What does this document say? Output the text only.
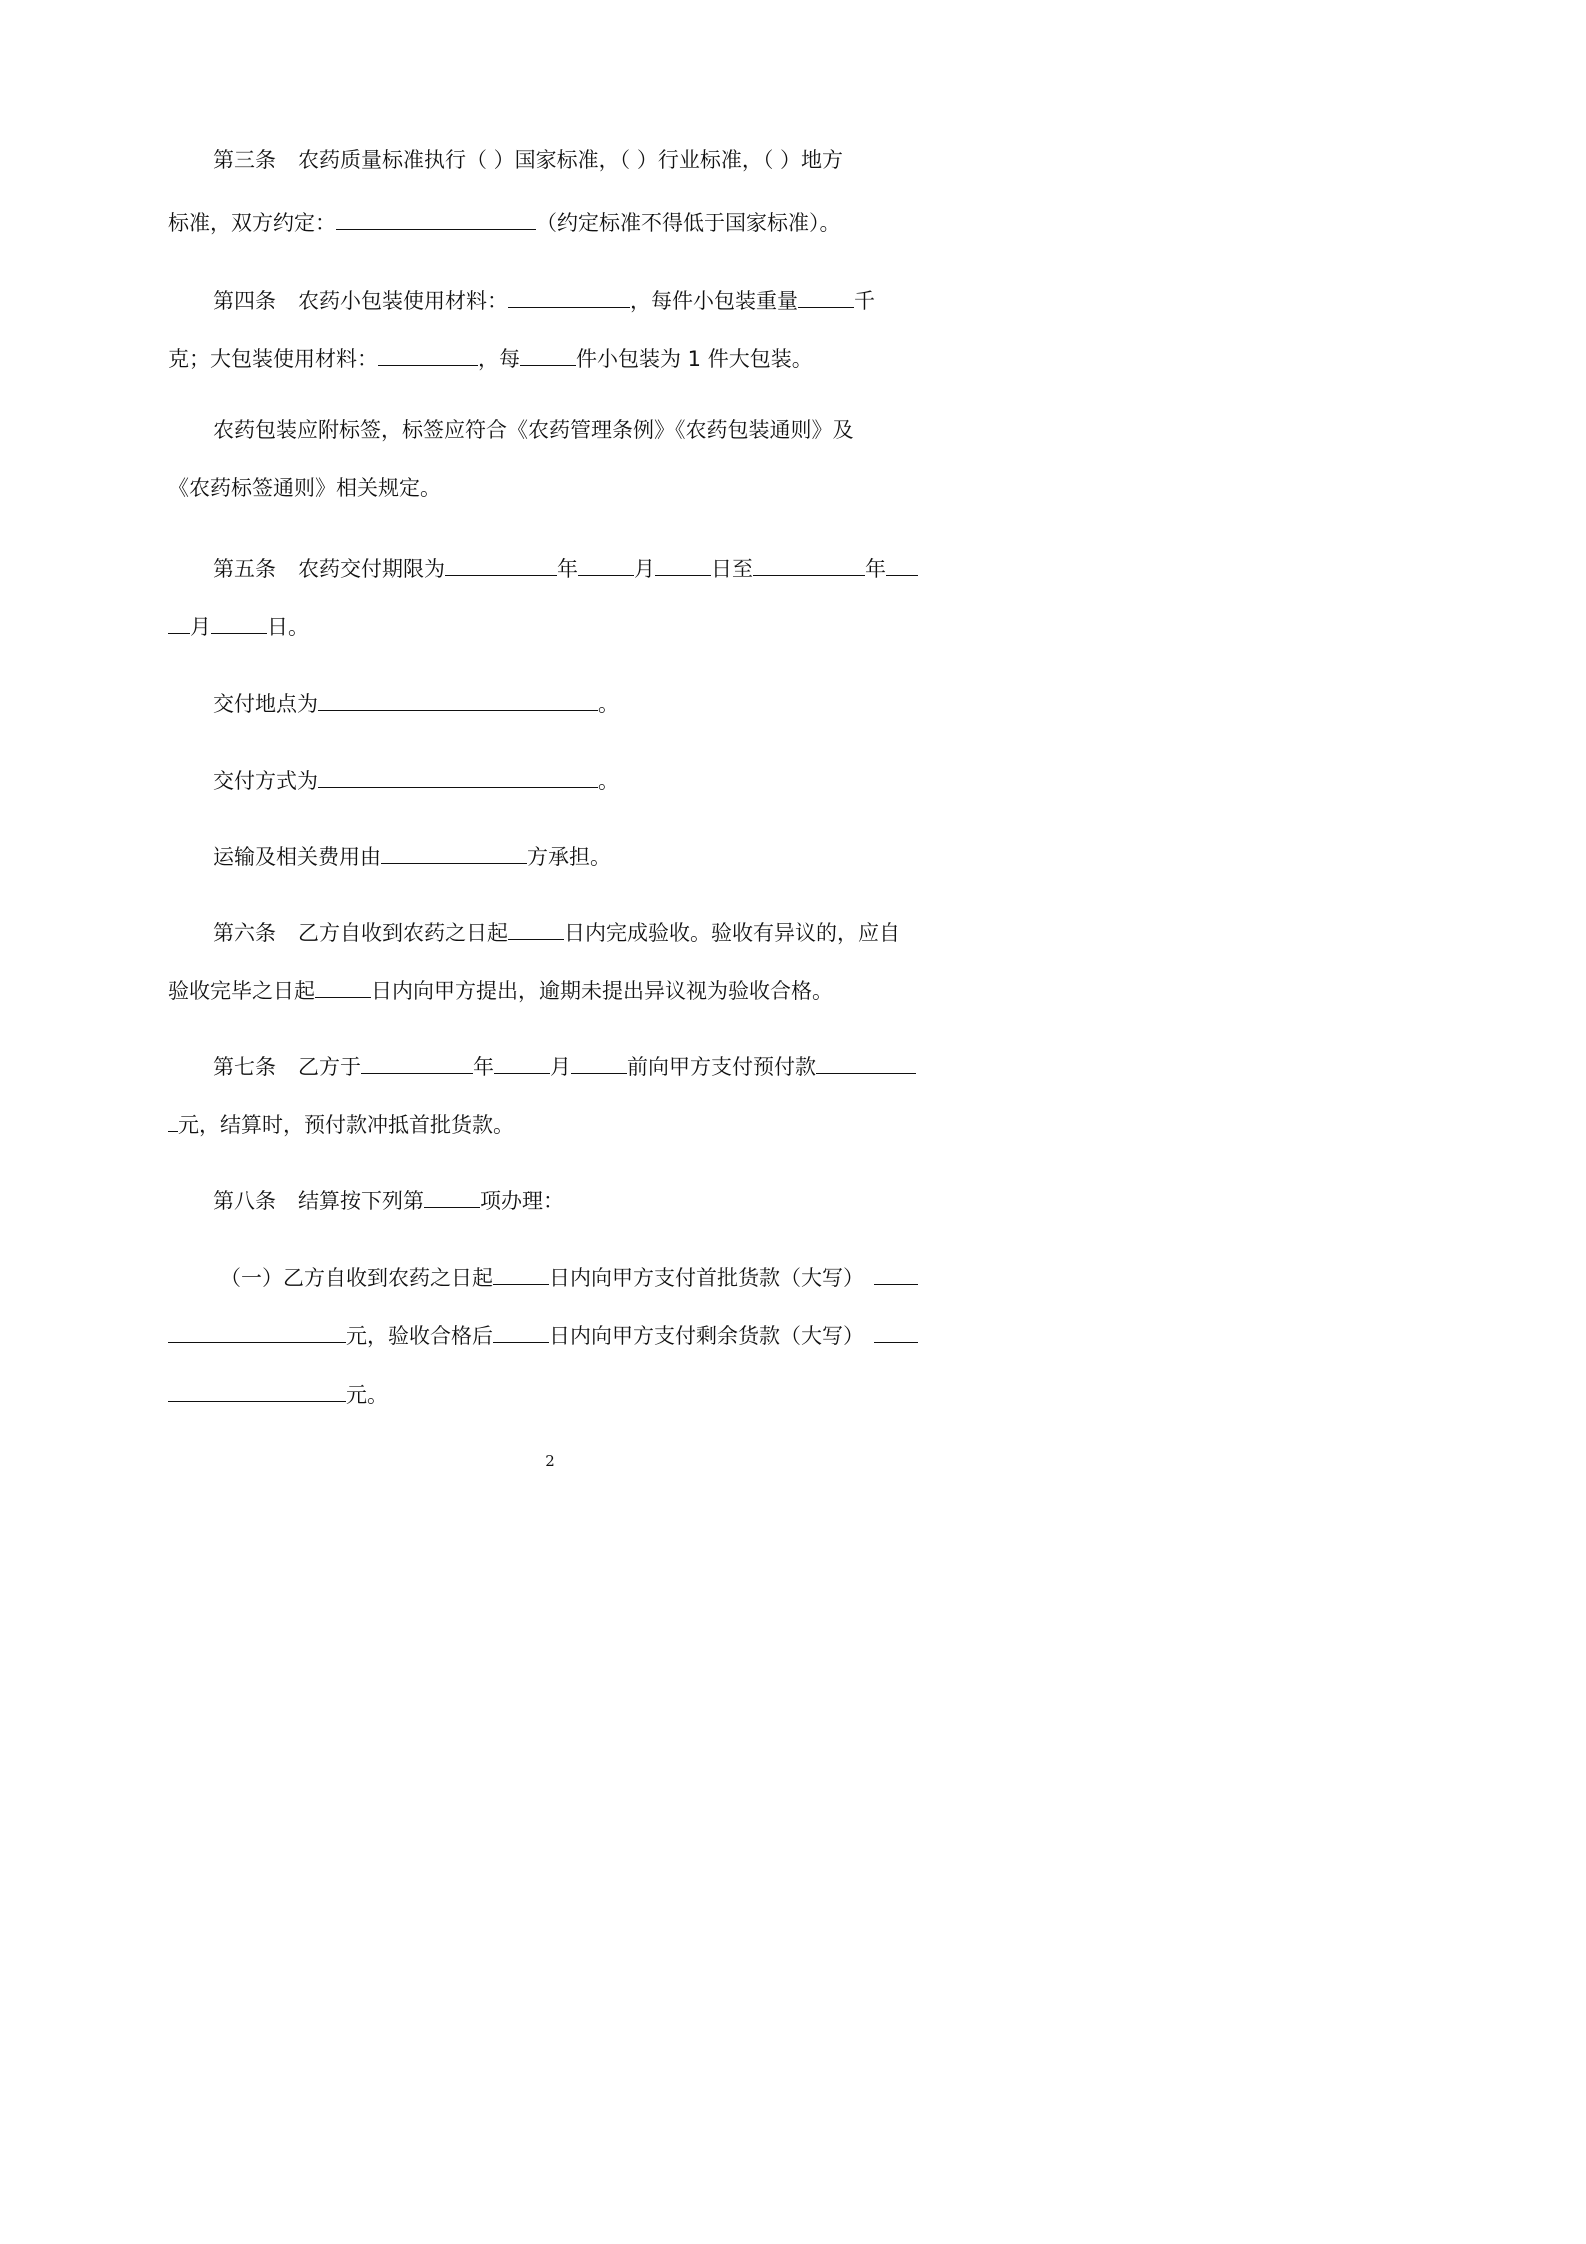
第三条 农药质量标准执行（ ）国家标准，（ ）行业标准，（ ）地方
标准，双方约定：	（约定标准不得低于国家标准）。
第四条 农药小包装使用材料：	，每件小包装重量	千
克；大包装使用材料：	，每	件小包装为 1 件大包装。
农药包装应附标签，标签应符合《农药管理条例》《农药包装通则》及
《农药标签通则》相关规定。
第五条 农药交付期限为	年	月	日至	年
月	日。
交付地点为	。
交付方式为	。
运输及相关费用由	方承担。
第六条 乙方自收到农药之日起	日内完成验收。验收有异议的，应自
验收完毕之日起	日内向甲方提出，逾期未提出异议视为验收合格。
第七条 乙方于	年	月	前向甲方支付预付款
元，结算时，预付款冲抵首批货款。
第八条 结算按下列第	项办理：
（一）乙方自收到农药之日起	日内向甲方支付首批货款（大写）
元，验收合格后	日内向甲方支付剩余货款（大写）
元。
2
